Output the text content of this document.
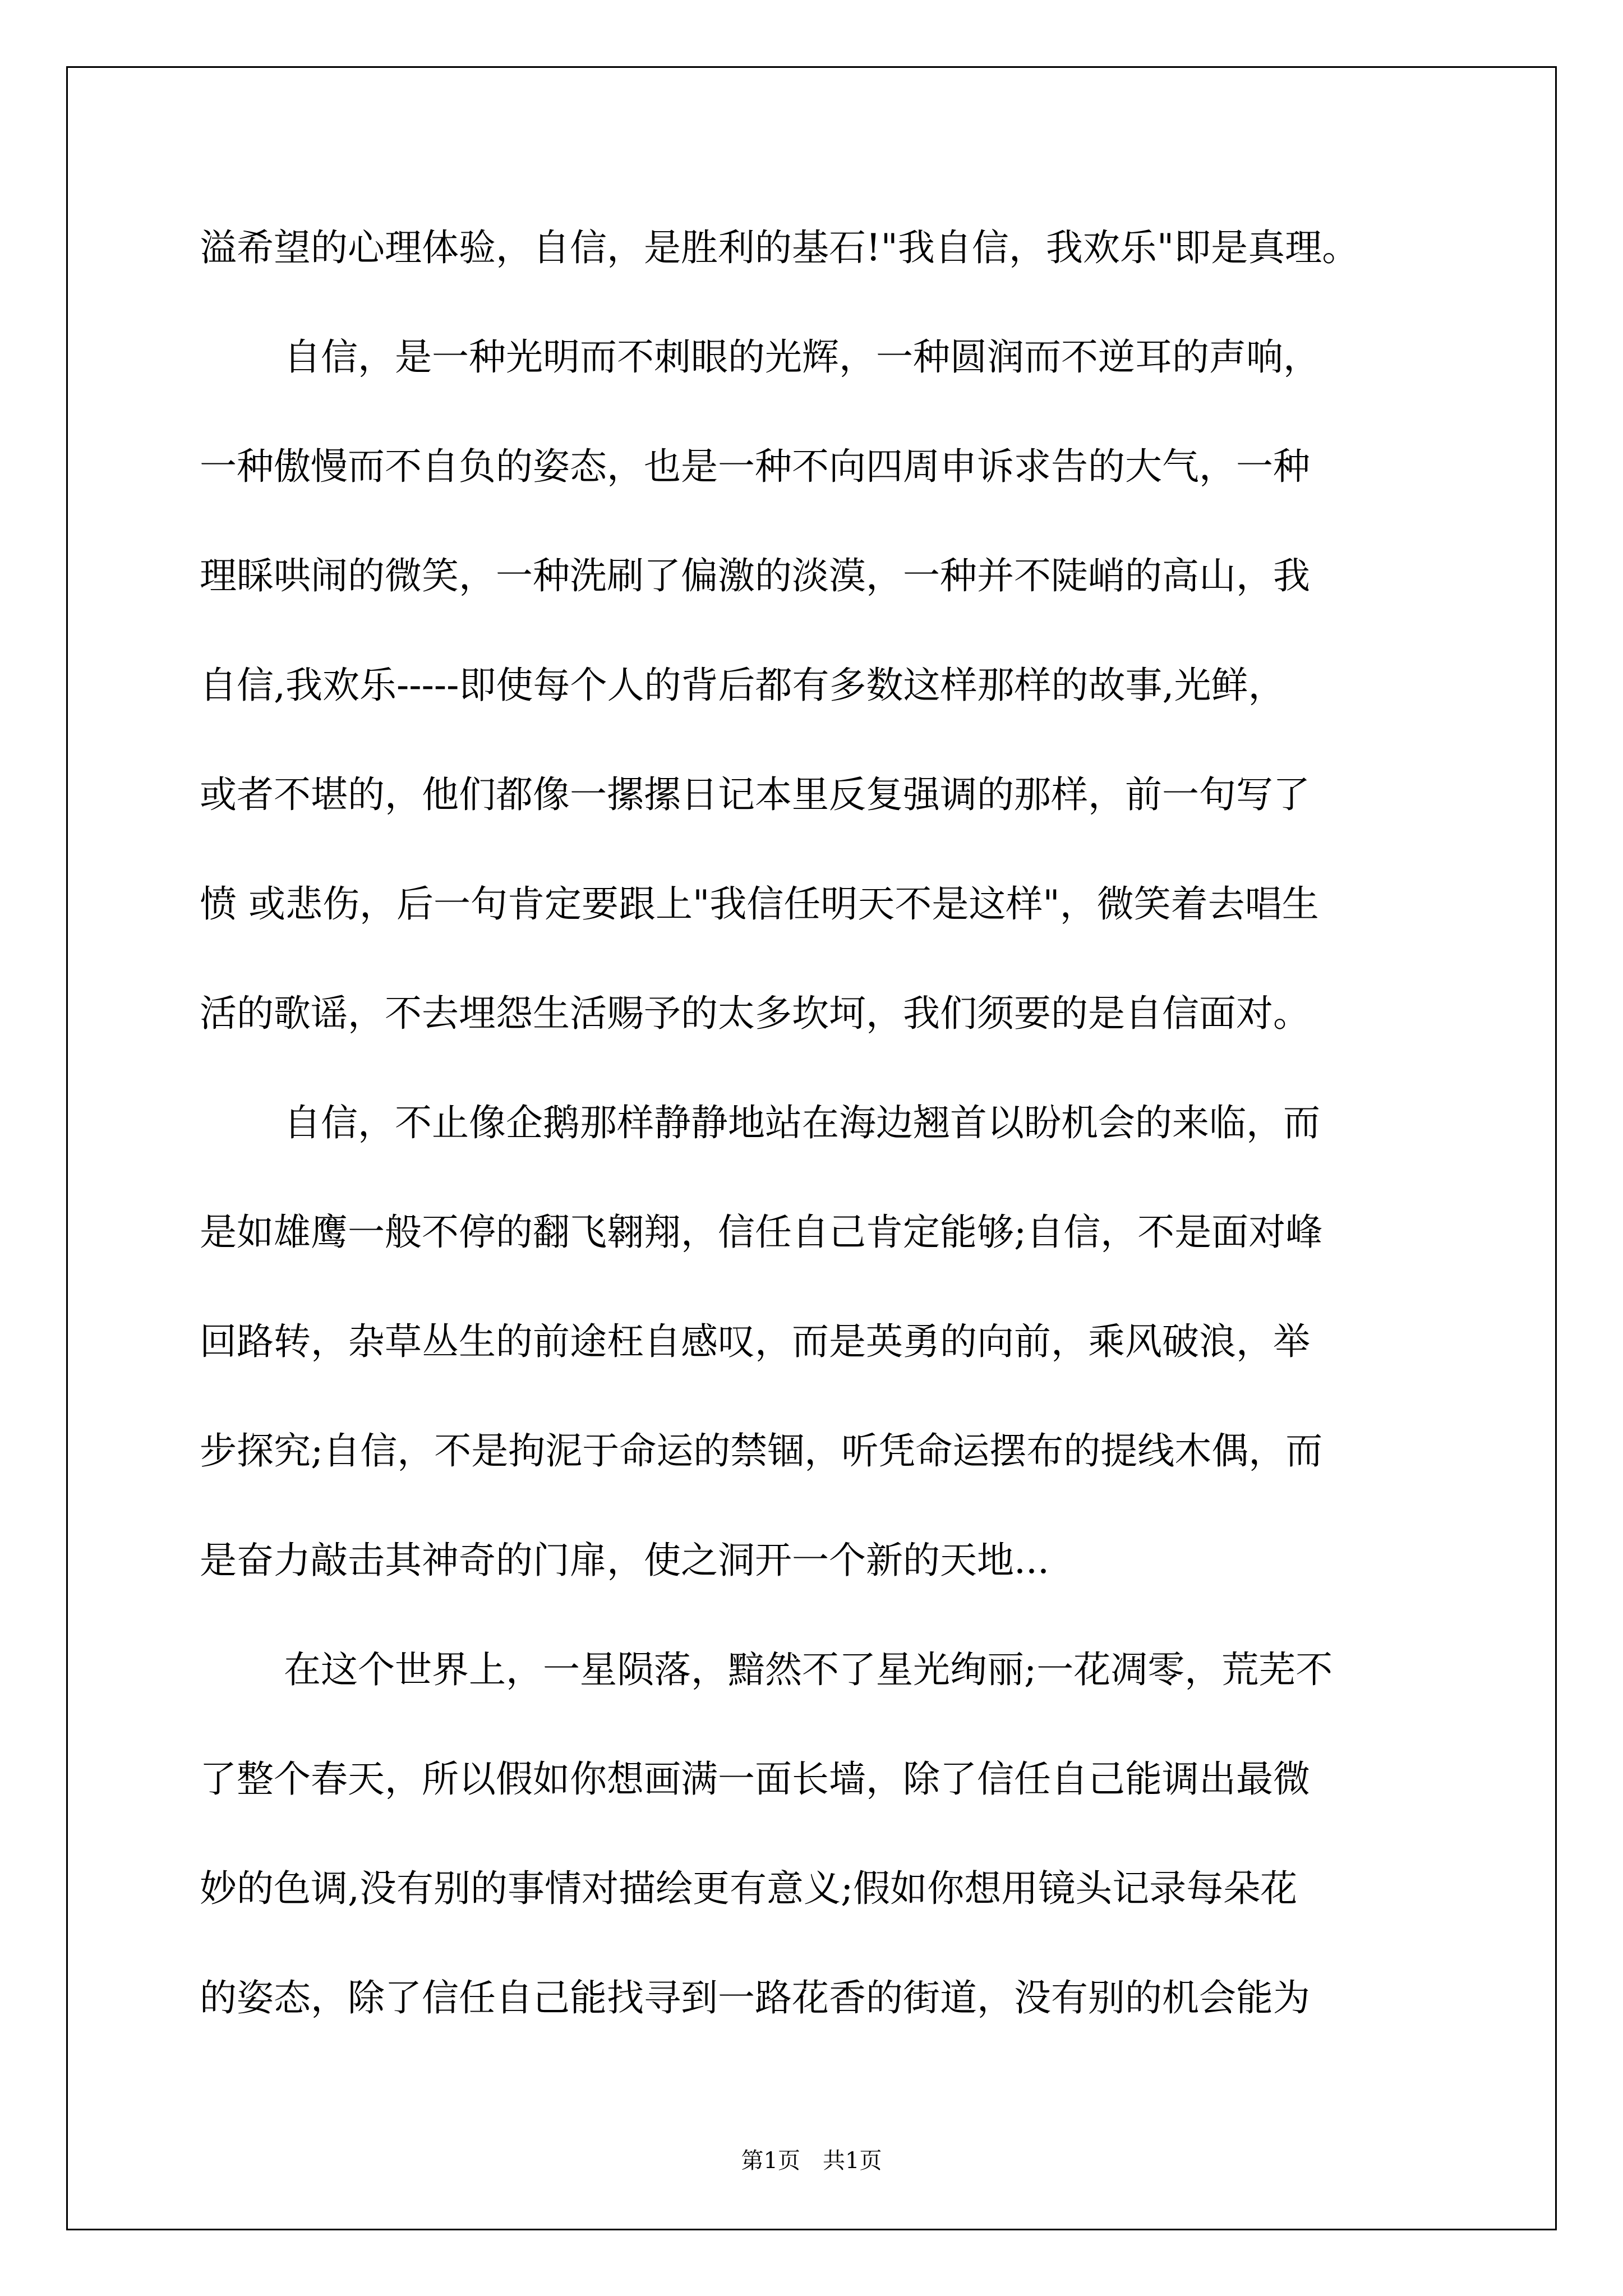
溢希望的心理体验，自信，是胜利的基石!"我自信，我欢乐"即是真理。
自信，是一种光明而不刺眼的光辉，一种圆润而不逆耳的声响，
一种傲慢而不自负的姿态，也是一种不向四周申诉求告的大气，一种
理睬哄闹的微笑，一种洗刷了偏激的淡漠，一种并不陡峭的高山，我
自信,我欢乐-----即使每个人的背后都有多数这样那样的故事,光鲜，
或者不堪的，他们都像一摞摞日记本里反复强调的那样，前一句写了
愤 或悲伤，后一句肯定要跟上"我信任明天不是这样"，微笑着去唱生
活的歌谣，不去埋怨生活赐予的太多坎坷，我们须要的是自信面对。
自信，不止像企鹅那样静静地站在海边翘首以盼机会的来临，而
是如雄鹰一般不停的翻飞翱翔，信任自己肯定能够;自信，不是面对峰
回路转，杂草丛生的前途枉自感叹，而是英勇的向前，乘风破浪，举
步探究;自信，不是拘泥于命运的禁锢，听凭命运摆布的提线木偶，而
是奋力敲击其神奇的门扉，使之洞开一个新的天地...
在这个世界上，一星陨落，黯然不了星光绚丽;一花凋零，荒芜不
了整个春天，所以假如你想画满一面长墙，除了信任自己能调出最微
妙的色调,没有别的事情对描绘更有意义;假如你想用镜头记录每朵花
的姿态，除了信任自己能找寻到一路花香的街道，没有别的机会能为
第1页　共1页
